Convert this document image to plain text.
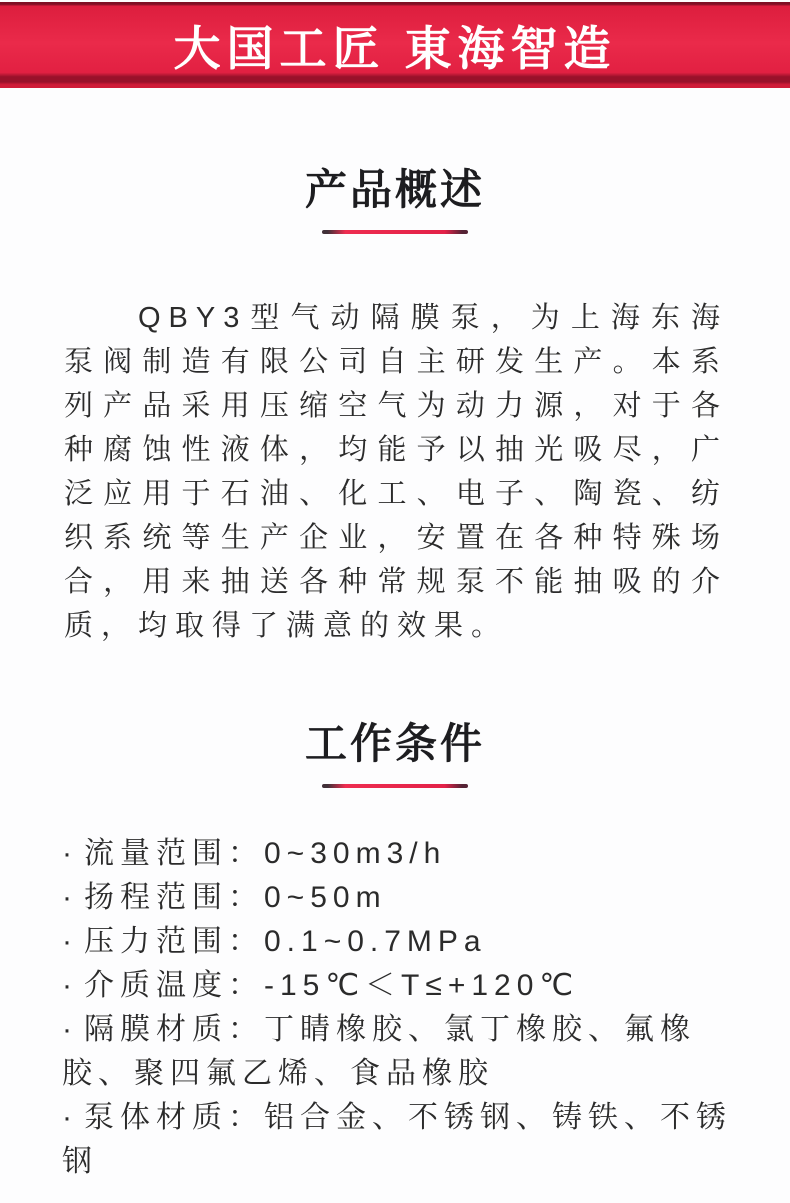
大国工匠 東海智造
产品概述

QBY3型气动隔膜泵，为上海东海泵阀制造有限公司自主研发生产。本系列产品采用压缩空气为动力源，对于各种腐蚀性液体，均能予以抽光吸尽，广泛应用于石油、化工、电子、陶瓷、纺织系统等生产企业，安置在各种特殊场合，用来抽送各种常规泵不能抽吸的介质，均取得了满意的效果。

工作条件
· 流量范围：0~30m3/h
· 扬程范围：0~50m
· 压力范围：0.1~0.7MPa
· 介质温度：-15℃＜T≤+120℃
· 隔膜材质：丁睛橡胶、氯丁橡胶、氟橡胶、聚四氟乙烯、食品橡胶
· 泵体材质：铝合金、不锈钢、铸铁、不锈钢
